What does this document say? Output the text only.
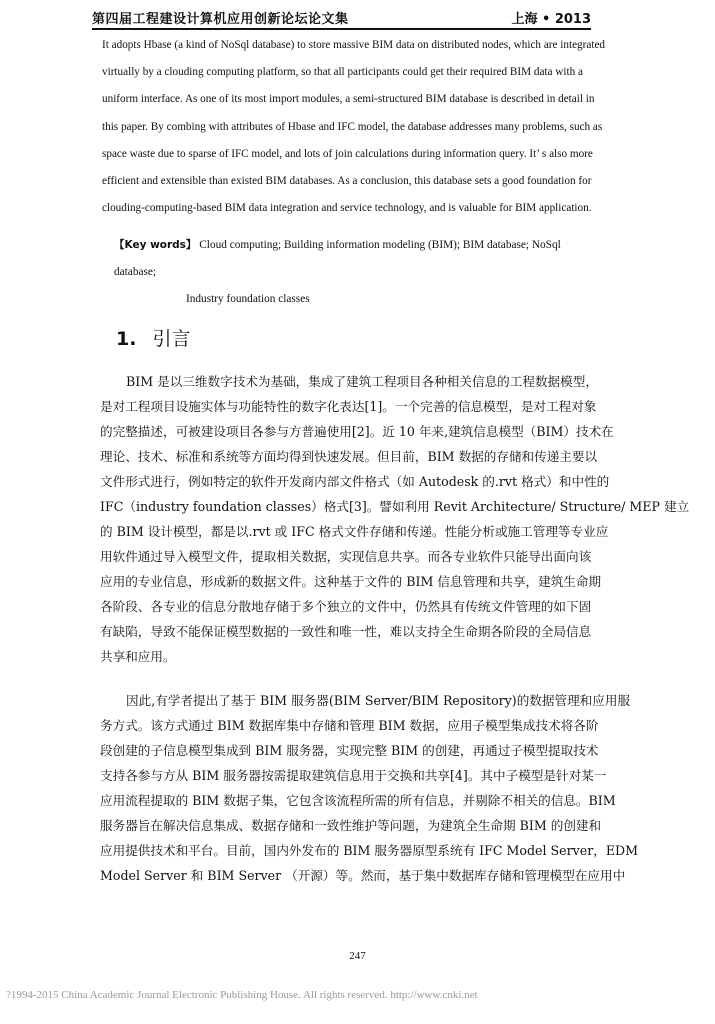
第四届工程建设计算机应用创新论坛论文集	上海 • 2013
It adopts Hbase (a kind of NoSql database) to store massive BIM data on distributed nodes, which are integrated
virtually by a clouding computing platform, so that all participants could get their required BIM data with a
uniform interface. As one of its most import modules, a semi-structured BIM database is described in detail in
this paper. By combing with attributes of Hbase and IFC model, the database addresses many problems, such as
space waste due to sparse of IFC model, and lots of join calculations during information query. It’ s also more
efficient and extensible than existed BIM databases. As a conclusion, this database sets a good foundation for
clouding-computing-based BIM data integration and service technology, and is valuable for BIM application.
【Key words】 Cloud computing; Building information modeling (BIM); BIM database; NoSql database;
Industry foundation classes
1. 引言
BIM 是以三维数字技术为基础，集成了建筑工程项目各种相关信息的工程数据模型，
是对工程项目设施实体与功能特性的数字化表达[1]。一个完善的信息模型，是对工程对象
的完整描述，可被建设项目各参与方普遍使用[2]。近 10 年来,建筑信息模型（BIM）技术在
理论、技术、标准和系统等方面均得到快速发展。但目前，BIM 数据的存储和传递主要以
文件形式进行，例如特定的软件开发商内部文件格式（如 Autodesk 的.rvt 格式）和中性的
IFC（industry foundation classes）格式[3]。譬如利用 Revit Architecture/ Structure/ MEP 建立
的 BIM 设计模型，都是以.rvt 或 IFC 格式文件存储和传递。性能分析或施工管理等专业应
用软件通过导入模型文件，提取相关数据，实现信息共享。而各专业软件只能导出面向该
应用的专业信息，形成新的数据文件。这种基于文件的 BIM 信息管理和共享，建筑生命期
各阶段、各专业的信息分散地存储于多个独立的文件中，仍然具有传统文件管理的如下固
有缺陷，导致不能保证模型数据的一致性和唯一性，难以支持全生命期各阶段的全局信息
共享和应用。
因此,有学者提出了基于 BIM 服务器(BIM Server/BIM Repository)的数据管理和应用服
务方式。该方式通过 BIM 数据库集中存储和管理 BIM 数据，应用子模型集成技术将各阶
段创建的子信息模型集成到 BIM 服务器，实现完整 BIM 的创建，再通过子模型提取技术
支持各参与方从 BIM 服务器按需提取建筑信息用于交换和共享[4]。其中子模型是针对某一
应用流程提取的 BIM 数据子集，它包含该流程所需的所有信息，并剔除不相关的信息。BIM
服务器旨在解决信息集成、数据存储和一致性维护等问题，为建筑全生命期 BIM 的创建和
应用提供技术和平台。目前，国内外发布的 BIM 服务器原型系统有 IFC Model Server，EDM
Model Server 和 BIM Server （开源）等。然而，基于集中数据库存储和管理模型在应用中
247
?1994-2015 China Academic Journal Electronic Publishing House. All rights reserved. http://www.cnki.net
